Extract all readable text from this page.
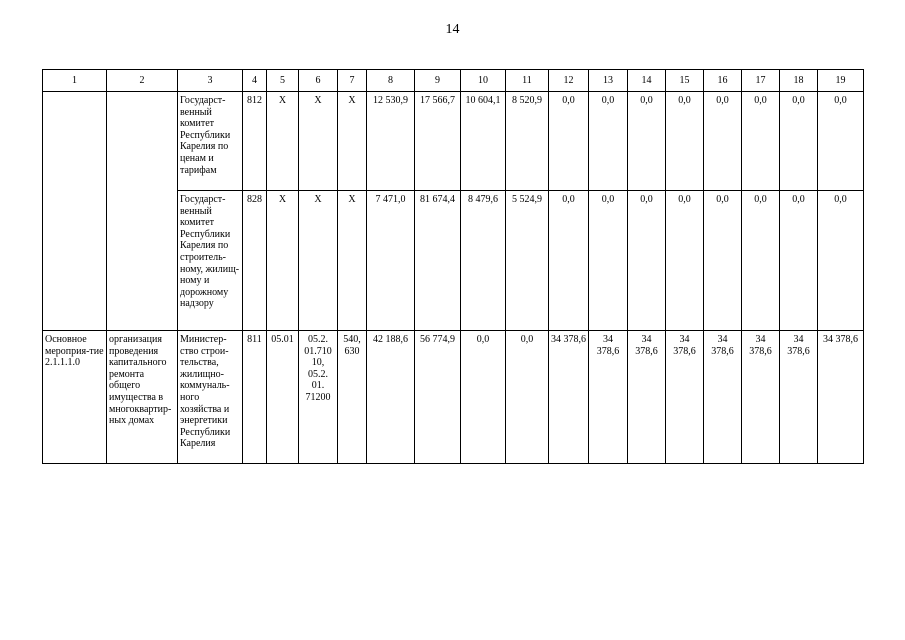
14
1	2	3	4	5	6	7	8	9	10	11	12	13	14	15	16	17	18	19
		Государст-венный комитет Республики Карелия по ценам и тарифам	812	Х	Х	Х	12 530,9	17 566,7	10 604,1	8 520,9	0,0	0,0	0,0	0,0	0,0	0,0	0,0	0,0
		Государст-венный комитет Республики Карелия по строитель-ному, жилищ-ному и дорожному надзору	828	Х	Х	Х	7 471,0	81 674,4	8 479,6	5 524,9	0,0	0,0	0,0	0,0	0,0	0,0	0,0	0,0
Основное мероприя-тие 2.1.1.1.0	организация проведения капитального ремонта общего имущества в многоквартир-ных домах	Министер-ство строи-тельства, жилищно-коммуналь-ного хозяйства и энергетики Республики Карелия	811	05.01	05.2. 01.710 10, 05.2. 01. 71200	540, 630	42 188,6	56 774,9	0,0	0,0	34 378,6	34 378,6	34 378,6	34 378,6	34 378,6	34 378,6	34 378,6	34 378,6
